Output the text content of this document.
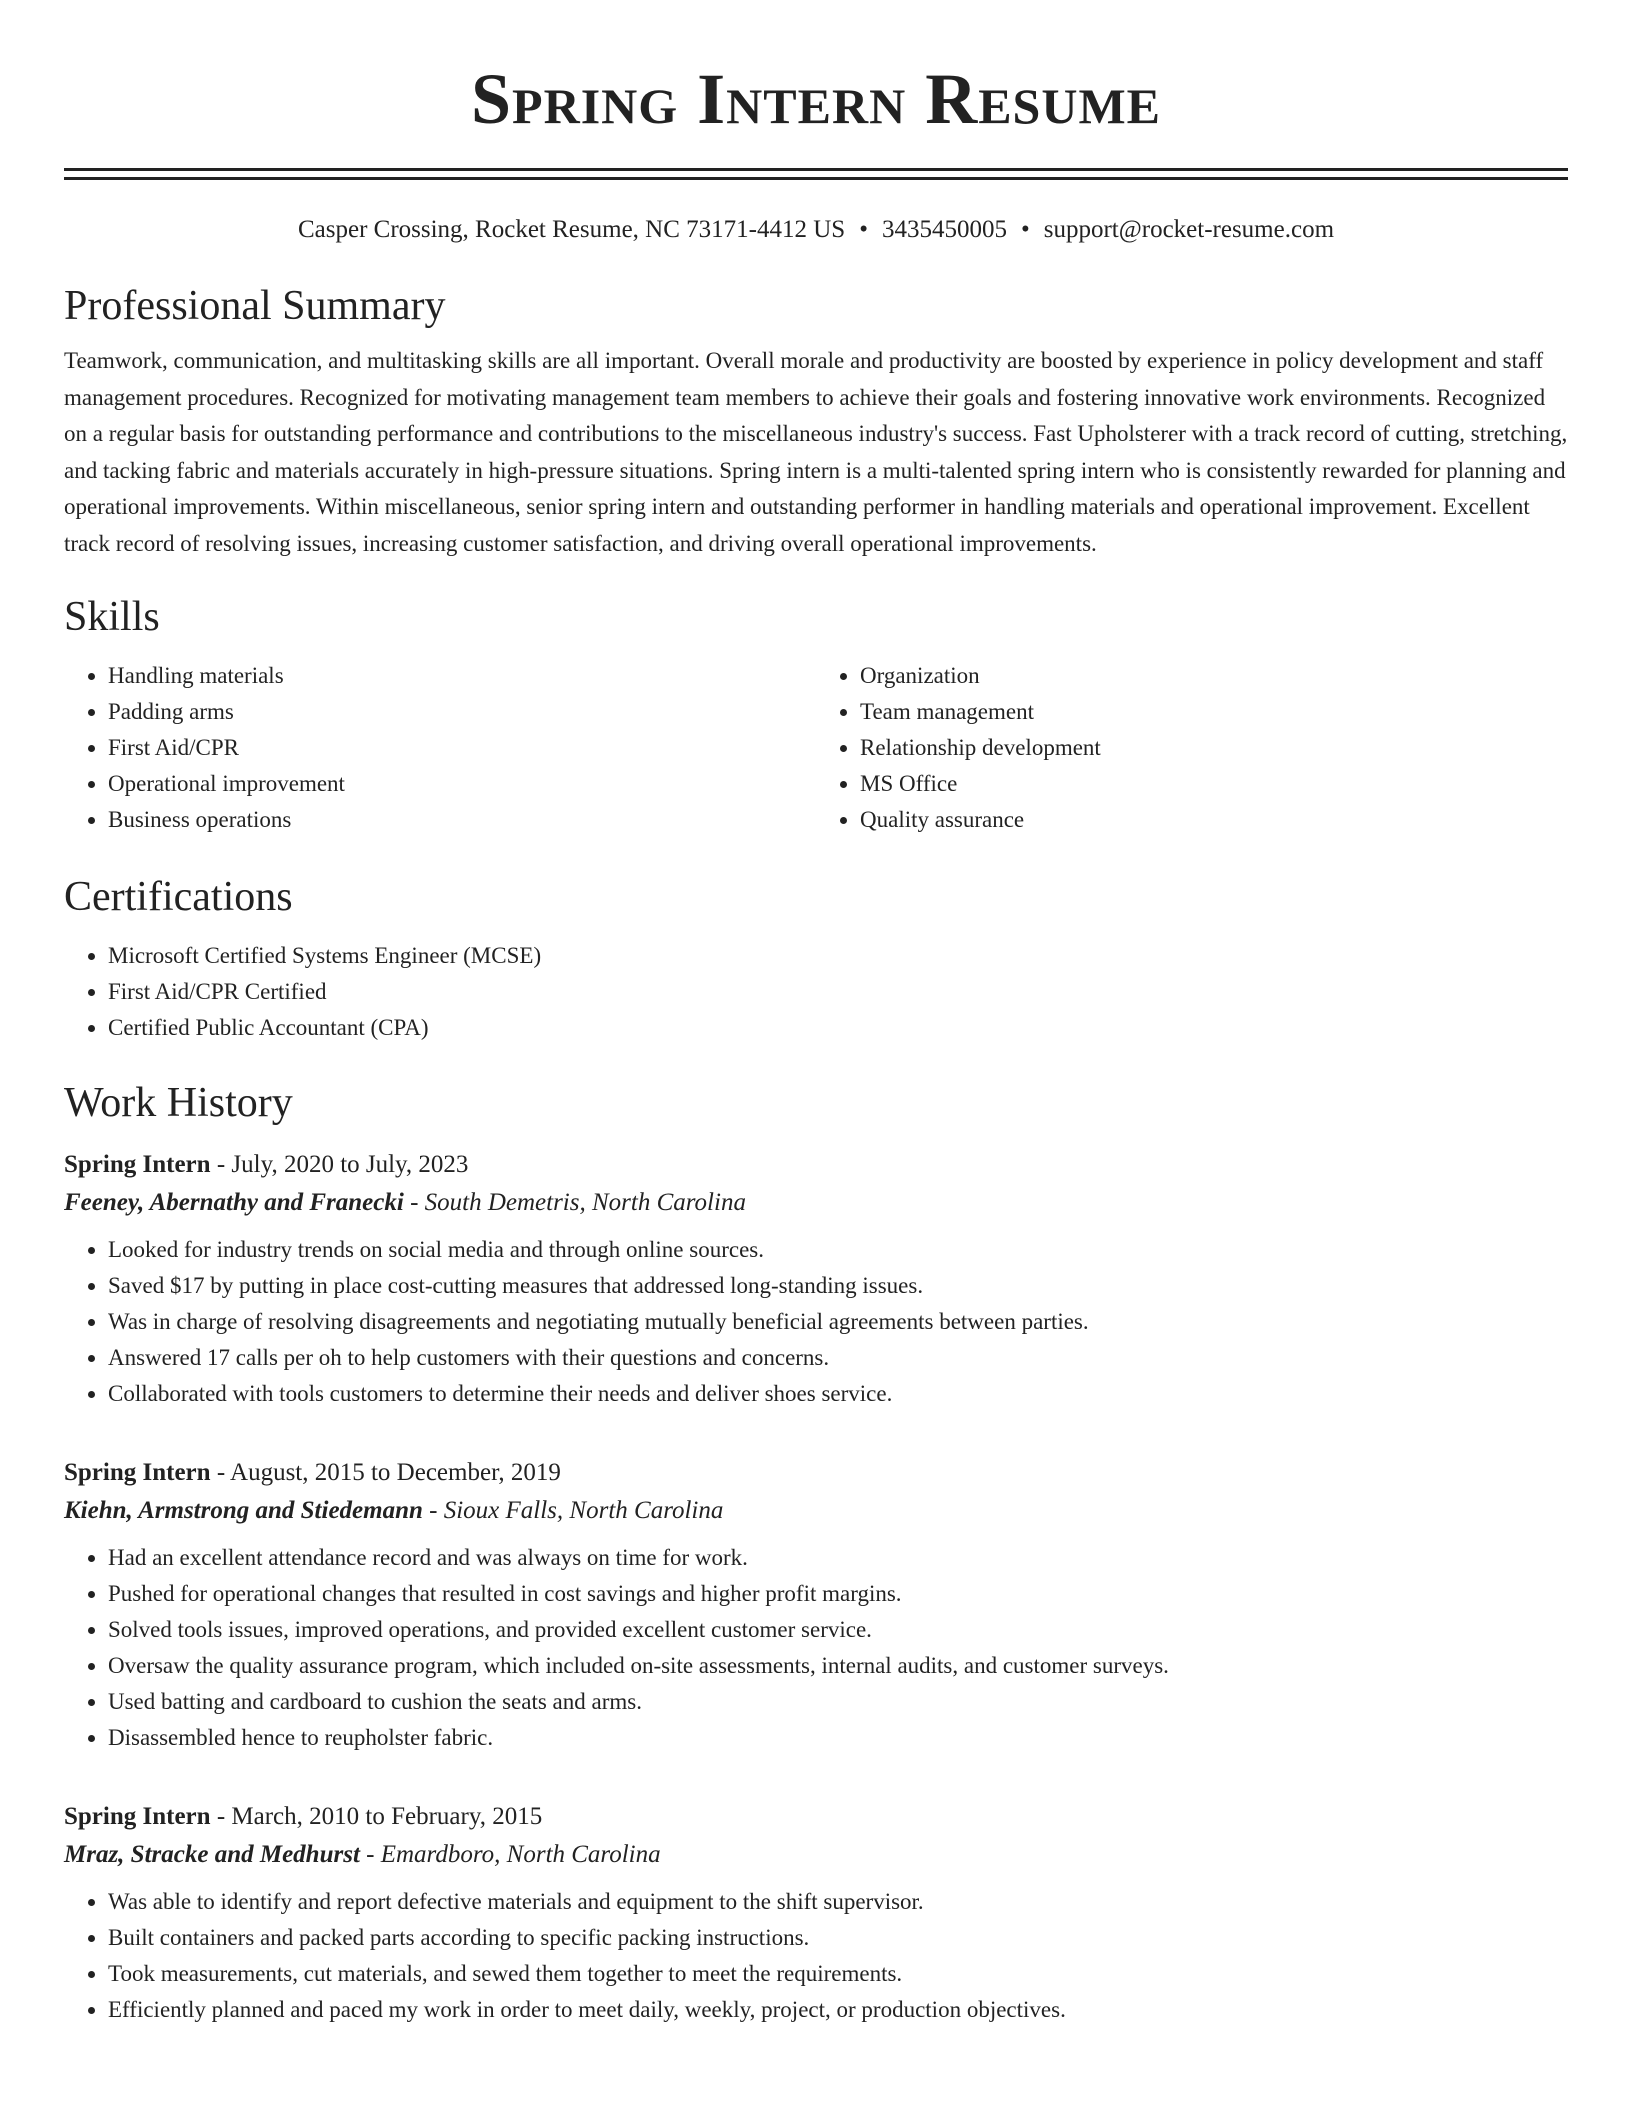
Spring Intern Resume
Casper Crossing, Rocket Resume, NC 73171-4412 US • 3435450005 • support@rocket-resume.com
Professional Summary

Teamwork, communication, and multitasking skills are all important. Overall morale and productivity are boosted by experience in policy development and staff management procedures. Recognized for motivating management team members to achieve their goals and fostering innovative work environments. Recognized on a regular basis for outstanding performance and contributions to the miscellaneous industry's success. Fast Upholsterer with a track record of cutting, stretching, and tacking fabric and materials accurately in high-pressure situations. Spring intern is a multi-talented spring intern who is consistently rewarded for planning and operational improvements. Within miscellaneous, senior spring intern and outstanding performer in handling materials and operational improvement. Excellent track record of resolving issues, increasing customer satisfaction, and driving overall operational improvements.

Skills
• Handling materials
• Padding arms
• First Aid/CPR
• Operational improvement
• Business operations
• Organization
• Team management
• Relationship development
• MS Office
• Quality assurance
Certifications
• Microsoft Certified Systems Engineer (MCSE)
• First Aid/CPR Certified
• Certified Public Accountant (CPA)
Work History
Spring Intern - July, 2020 to July, 2023
Feeney, Abernathy and Franecki - South Demetris, North Carolina
• Looked for industry trends on social media and through online sources.
• Saved $17 by putting in place cost-cutting measures that addressed long-standing issues.
• Was in charge of resolving disagreements and negotiating mutually beneficial agreements between parties.
• Answered 17 calls per oh to help customers with their questions and concerns.
• Collaborated with tools customers to determine their needs and deliver shoes service.
Spring Intern - August, 2015 to December, 2019
Kiehn, Armstrong and Stiedemann - Sioux Falls, North Carolina
• Had an excellent attendance record and was always on time for work.
• Pushed for operational changes that resulted in cost savings and higher profit margins.
• Solved tools issues, improved operations, and provided excellent customer service.
• Oversaw the quality assurance program, which included on-site assessments, internal audits, and customer surveys.
• Used batting and cardboard to cushion the seats and arms.
• Disassembled hence to reupholster fabric.
Spring Intern - March, 2010 to February, 2015
Mraz, Stracke and Medhurst - Emardboro, North Carolina
• Was able to identify and report defective materials and equipment to the shift supervisor.
• Built containers and packed parts according to specific packing instructions.
• Took measurements, cut materials, and sewed them together to meet the requirements.
• Efficiently planned and paced my work in order to meet daily, weekly, project, or production objectives.
